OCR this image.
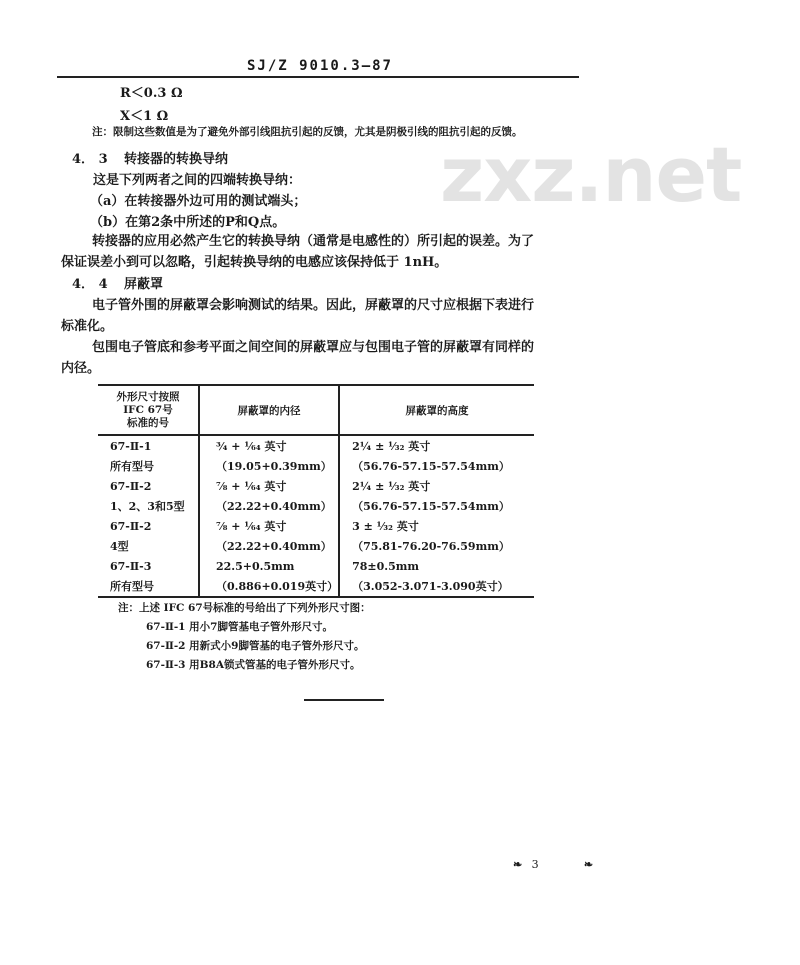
SJ/Z 9010.3—87
zxz.net
R＜0.3 Ω
X＜1 Ω
注：限制这些数值是为了避免外部引线阻抗引起的反馈，尤其是阴极引线的阻抗引起的反馈。
4． 3 转接器的转换导纳
这是下列两者之间的四端转换导纳：
（a）在转接器外边可用的测试端头；
（b）在第2条中所述的P和Q点。
转接器的应用必然产生它的转换导纳（通常是电感性的）所引起的误差。为了
保证误差小到可以忽略，引起转换导纳的电感应该保持低于 1nH。
4． 4 屏蔽罩
电子管外围的屏蔽罩会影响测试的结果。因此，屏蔽罩的尺寸应根据下表进行
标准化。
包围电子管底和参考平面之间空间的屏蔽罩应与包围电子管的屏蔽罩有同样的
内径。
外形尺寸按照
IFC 67号
标准的号	屏蔽罩的内径	屏蔽罩的高度
67-Ⅱ-1	¾ + ¹⁄₆₄ 英寸	2¼ ± ¹⁄₃₂ 英寸
所有型号	（19.05+0.39mm）	（56.76-57.15-57.54mm）
67-Ⅱ-2	⅞ + ¹⁄₆₄ 英寸	2¼ ± ¹⁄₃₂ 英寸
1、2、3和5型	（22.22+0.40mm）	（56.76-57.15-57.54mm）
67-Ⅱ-2	⅞ + ¹⁄₆₄ 英寸	3 ± ¹⁄₃₂ 英寸
4型	（22.22+0.40mm）	（75.81-76.20-76.59mm）
67-Ⅱ-3	22.5+0.5mm	78±0.5mm
所有型号	（0.886+0.019英寸）	（3.052-3.071-3.090英寸）
注：上述 IFC 67号标准的号给出了下列外形尺寸图：
67-Ⅱ-1 用小7脚管基电子管外形尺寸。
67-Ⅱ-2 用新式小9脚管基的电子管外形尺寸。
67-Ⅱ-3 用B8A锁式管基的电子管外形尺寸。
❧ 3	❧
